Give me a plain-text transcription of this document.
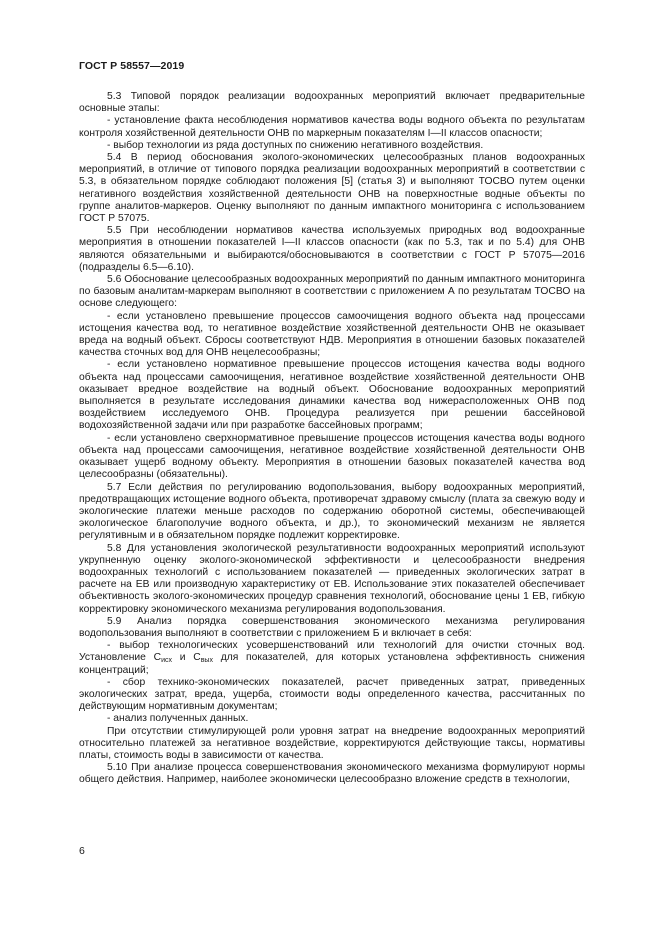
ГОСТ Р 58557—2019

5.3 Типовой порядок реализации водоохранных мероприятий включает предварительные основные этапы:

- установление факта несоблюдения нормативов качества воды водного объекта по результатам контроля хозяйственной деятельности ОНВ по маркерным показателям I—II классов опасности;

- выбор технологии из ряда доступных по снижению негативного воздействия.

5.4 В период обоснования эколого-экономических целесообразных планов водоохранных мероприятий, в отличие от типового порядка реализации водоохранных мероприятий в соответствии с 5.3, в обязательном порядке соблюдают положения [5] (статья 3) и выполняют ТОСВО путем оценки негативного воздействия хозяйственной деятельности ОНВ на поверхностные водные объекты по группе аналитов-маркеров. Оценку выполняют по данным импактного мониторинга с использованием ГОСТ Р 57075.

5.5 При несоблюдении нормативов качества используемых природных вод водоохранные мероприятия в отношении показателей I—II классов опасности (как по 5.3, так и по 5.4) для ОНВ являются обязательными и выбираются/обосновываются в соответствии с ГОСТ Р 57075—2016 (подразделы 6.5—6.10).

5.6 Обоснование целесообразных водоохранных мероприятий по данным импактного мониторинга по базовым аналитам-маркерам выполняют в соответствии с приложением А по результатам ТОСВО на основе следующего:

- если установлено превышение процессов самоочищения водного объекта над процессами истощения качества вод, то негативное воздействие хозяйственной деятельности ОНВ не оказывает вреда на водный объект. Сбросы соответствуют НДВ. Мероприятия в отношении базовых показателей качества сточных вод для ОНВ нецелесообразны;

- если установлено нормативное превышение процессов истощения качества воды водного объекта над процессами самоочищения, негативное воздействие хозяйственной деятельности ОНВ оказывает вредное воздействие на водный объект. Обоснование водоохранных мероприятий выполняется в результате исследования динамики качества вод нижерасположенных ОНВ под воздействием исследуемого ОНВ. Процедура реализуется при решении бассейновой водохозяйственной задачи или при разработке бассейновых программ;

- если установлено сверхнормативное превышение процессов истощения качества воды водного объекта над процессами самоочищения, негативное воздействие хозяйственной деятельности ОНВ оказывает ущерб водному объекту. Мероприятия в отношении базовых показателей качества вод целесообразны (обязательны).

5.7 Если действия по регулированию водопользования, выбору водоохранных мероприятий, предотвращающих истощение водного объекта, противоречат здравому смыслу (плата за свежую воду и экологические платежи меньше расходов по содержанию оборотной системы, обеспечивающей экологическое благополучие водного объекта, и др.), то экономический механизм не является регулятивным и в обязательном порядке подлежит корректировке.

5.8 Для установления экологической результативности водоохранных мероприятий используют укрупненную оценку эколого-экономической эффективности и целесообразности внедрения водоохранных технологий с использованием показателей — приведенных экологических затрат в расчете на ЕВ или производную характеристику от ЕВ. Использование этих показателей обеспечивает объективность эколого-экономических процедур сравнения технологий, обоснование цены 1 ЕВ, гибкую корректировку экономического механизма регулирования водопользования.

5.9 Анализ порядка совершенствования экономического механизма регулирования водопользования выполняют в соответствии с приложением Б и включает в себя:

- выбор технологических усовершенствований или технологий для очистки сточных вод. Установление $С_{исх}$ и $С_{вых}$ для показателей, для которых установлена эффективность снижения концентраций;

- сбор технико-экономических показателей, расчет приведенных затрат, приведенных экологических затрат, вреда, ущерба, стоимости воды определенного качества, рассчитанных по действующим нормативным документам;

- анализ полученных данных.

При отсутствии стимулирующей роли уровня затрат на внедрение водоохранных мероприятий относительно платежей за негативное воздействие, корректируются действующие таксы, нормативы платы, стоимость воды в зависимости от качества.

5.10 При анализе процесса совершенствования экономического механизма формулируют нормы общего действия. Например, наиболее экономически целесообразно вложение средств в технологии,

6
